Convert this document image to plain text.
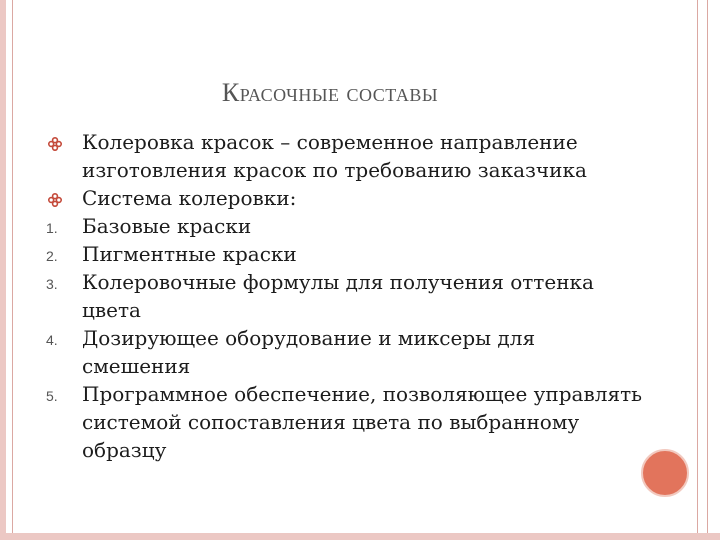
Красочные составы
Колеровка красок – современное направление изготовления красок по требованию заказчика
Система колеровки:
1.	Базовые краски
2.	Пигментные краски
3.	Колеровочные формулы для получения оттенка цвета
4.	Дозирующее оборудование и миксеры для смешения
5.	Программное обеспечение, позволяющее управлять системой сопоставления цвета по выбранному образцу
